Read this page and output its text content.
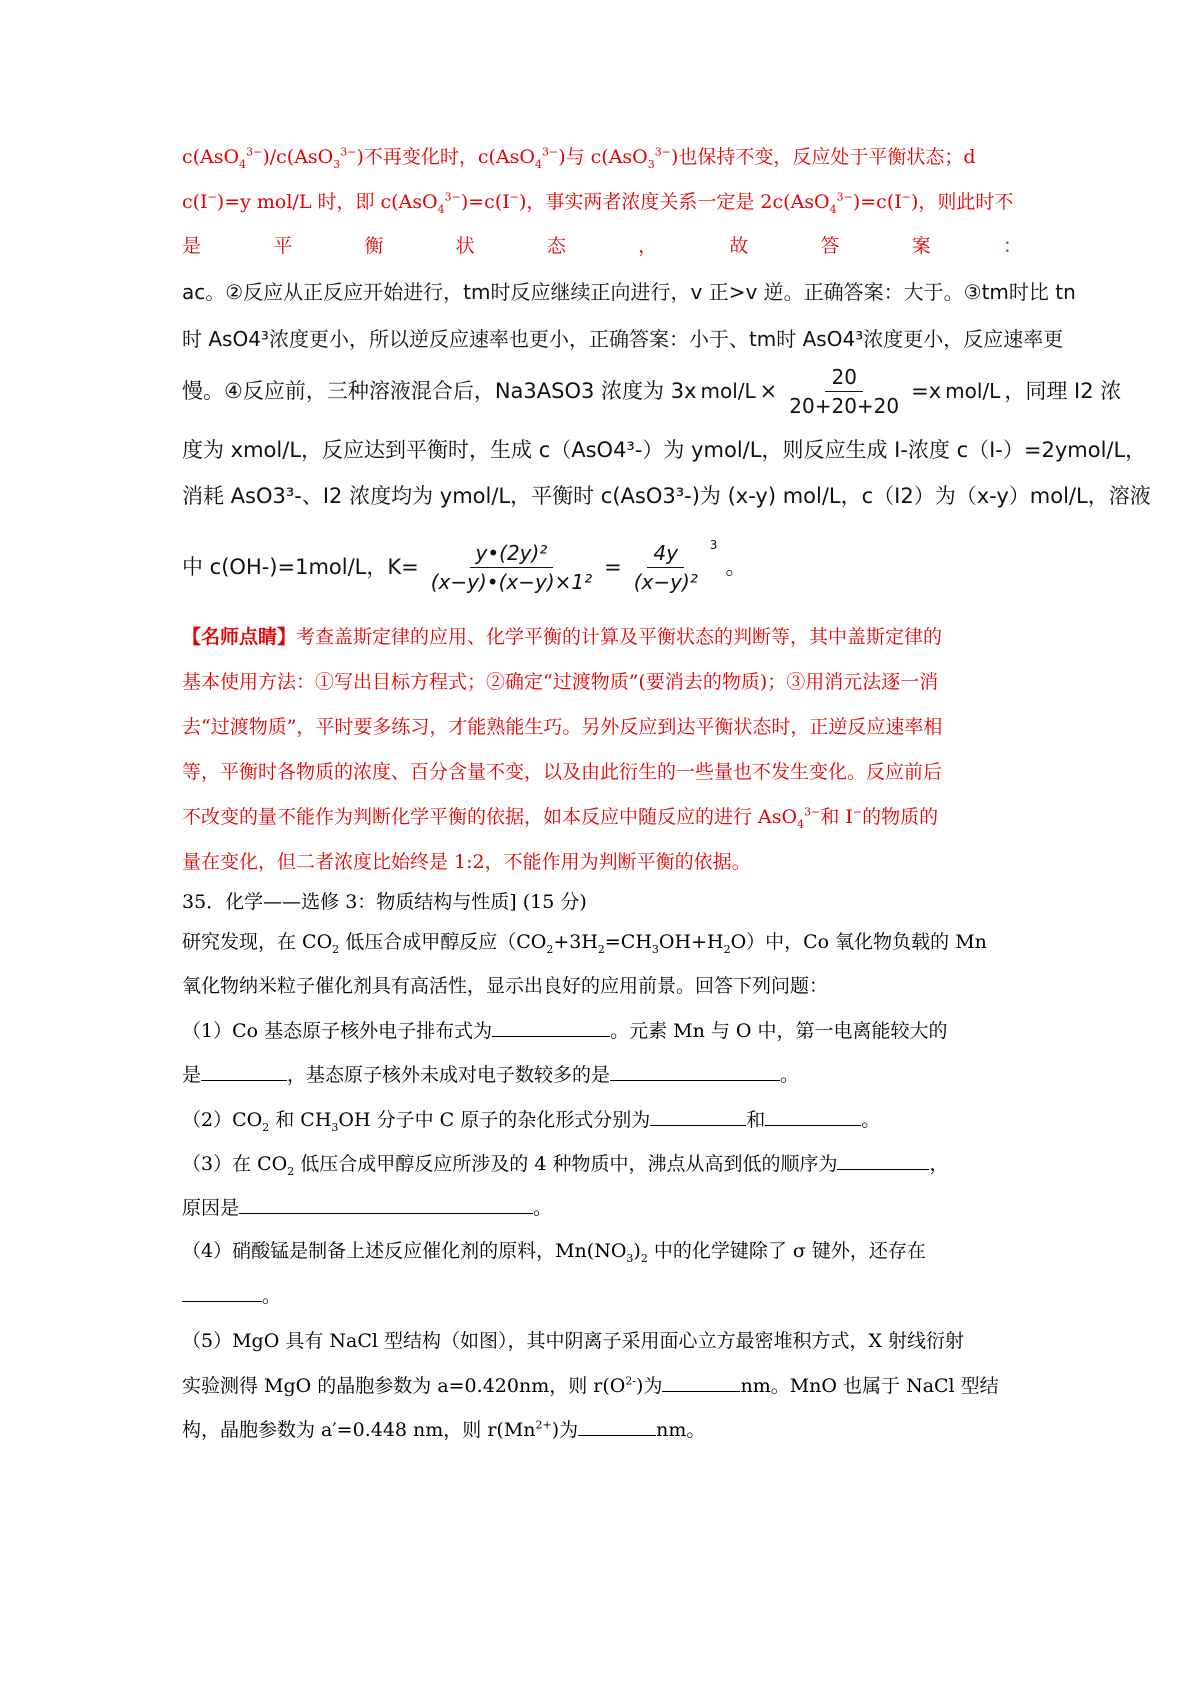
c(AsO$_4^{3-}$)/c(AsO$_3^{3-}$)不再变化时，c(AsO$_4^{3-}$)与 c(AsO$_3^{3-}$)也保持不变，反应处于平衡状态；d
c(I−)=y mol/L 时，即 c(AsO$_4^{3-}$)=c(I−)，事实两者浓度关系一定是 2c(AsO$_4^{3-}$)=c(I−)，则此时不
是	平	衡	状	态	，	故	答	案	：
ac。②反应从正反应开始进行，tm时反应继续正向进行，v 正>v 逆。正确答案：大于。③tm时比 tn
时 AsO4³浓度更小，所以逆反应速率也更小，正确答案：小于、tm时 AsO4³浓度更小，反应速率更
慢。④反应前，三种溶液混合后，Na3ASO3 浓度为 3x $mol/L \times \frac{20}{20+20+20} =x$ mol/L ，同理 I2 浓
度为 xmol/L，反应达到平衡时，生成 c（AsO4³-）为 ymol/L，则反应生成 I-浓度 c（I-）=2ymol/L，
消耗 AsO3³-、I2 浓度均为 ymol/L，平衡时 c(AsO3³-)为 (x-y) mol/L，c（I2）为（x-y）mol/L，溶液
中 c(OH-)=1mol/L，$K= \frac{\text{y•(2y)²}}{\text{(x−y)•(x−y)×1²}} = \frac{4y}{\text{(x−y)²}} ^3$
。
【名师点睛】考查盖斯定律的应用、化学平衡的计算及平衡状态的判断等，其中盖斯定律的
基本使用方法：①写出目标方程式；②确定“过渡物质”(要消去的物质)；③用消元法逐一消
去“过渡物质”，平时要多练习，才能熟能生巧。另外反应到达平衡状态时，正逆反应速率相
等，平衡时各物质的浓度、百分含量不变，以及由此衍生的一些量也不发生变化。反应前后
不改变的量不能作为判断化学平衡的依据，如本反应中随反应的进行 AsO$_4^{3-}$和 I−的物质的
量在变化，但二者浓度比始终是 1:2，不能作用为判断平衡的依据。
35．化学——选修 3：物质结构与性质] (15 分)
研究发现，在 $CO_2$ 低压合成甲醇反应$(CO_2+3H_2=CH_3OH+H_2O)$中，Co 氧化物负载的 Mn
氧化物纳米粒子催化剂具有高活性，显示出良好的应用前景。回答下列问题：
（1）Co 基态原子核外电子排布式为	。元素 Mn 与 O 中，第一电离能较大的
是	，基态原子核外未成对电子数较多的是	。
$(2)CO_2$ 和 $CH_3OH$ 分子中 C 原子的杂化形式分别为	和	。
（3）在 $CO_2$ 低压合成甲醇反应所涉及的 4 种物质中，沸点从高到低的顺序为	，
原因是	。
（4）硝酸锰是制备上述反应催化剂的原料，$Mn(NO_3)_2$ 中的化学键除了 σ 键外，还存在
。
（5）MgO 具有 NaCl 型结构（如图），其中阴离子采用面心立方最密堆积方式，X 射线衍射
实验测得 MgO 的晶胞参数为 a=0.420nm，则 $r(O^{2-})$为	nm。MnO 也属于 NaCl 型结
构，晶胞参数为 a′=0.448 nm，则 $r(Mn^{2+})$为	nm。
